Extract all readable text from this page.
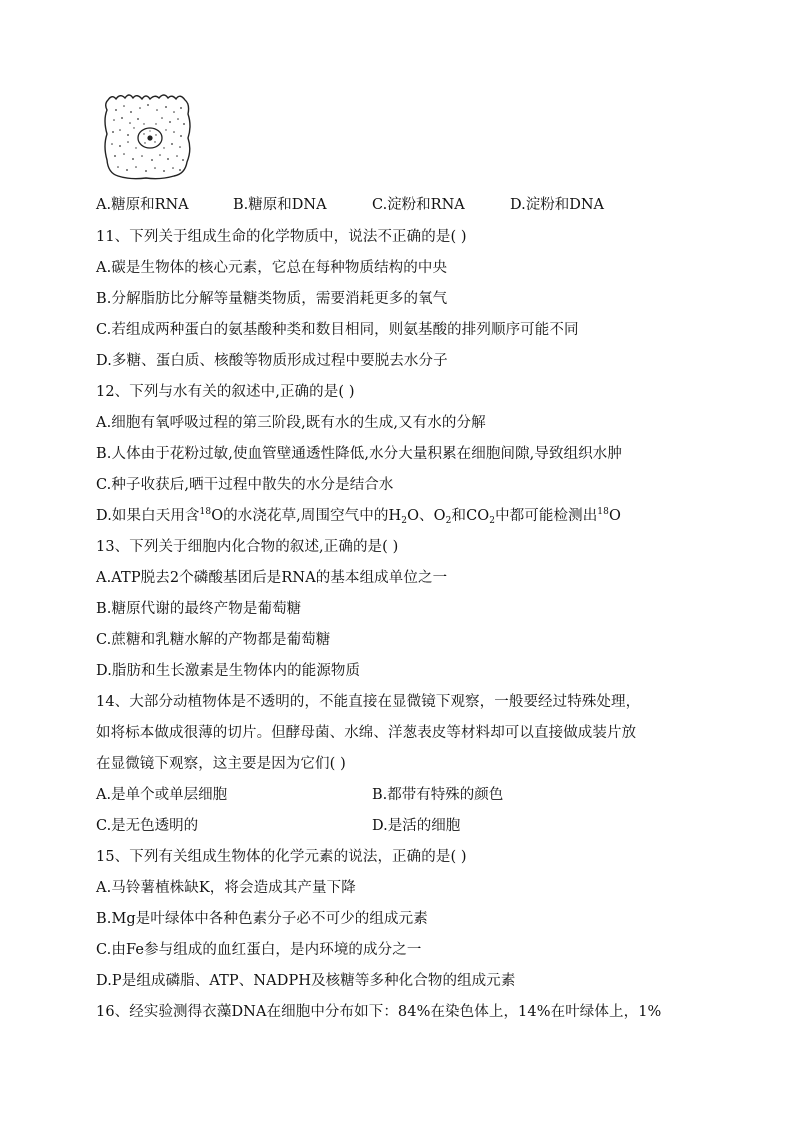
A.糖原和RNA	B.糖原和DNA	C.淀粉和RNA	D.淀粉和DNA
11、下列关于组成生命的化学物质中，说法不正确的是( )
A.碳是生物体的核心元素，它总在每种物质结构的中央
B.分解脂肪比分解等量糖类物质，需要消耗更多的氧气
C.若组成两种蛋白的氨基酸种类和数目相同，则氨基酸的排列顺序可能不同
D.多糖、蛋白质、核酸等物质形成过程中要脱去水分子
12、下列与水有关的叙述中,正确的是( )
A.细胞有氧呼吸过程的第三阶段,既有水的生成,又有水的分解
B.人体由于花粉过敏,使血管壁通透性降低,水分大量积累在细胞间隙,导致组织水肿
C.种子收获后,晒干过程中散失的水分是结合水
D.如果白天用含$^{18}$O的水浇花草,周围空气中的$H_2O$、$O_2$和$CO_2$中都可能检测出$^{18}$O
13、下列关于细胞内化合物的叙述,正确的是( )
A.ATP脱去2个磷酸基团后是RNA的基本组成单位之一
B.糖原代谢的最终产物是葡萄糖
C.蔗糖和乳糖水解的产物都是葡萄糖
D.脂肪和生长激素是生物体内的能源物质
14、大部分动植物体是不透明的，不能直接在显微镜下观察，一般要经过特殊处理，
如将标本做成很薄的切片。但酵母菌、水绵、洋葱表皮等材料却可以直接做成装片放
在显微镜下观察，这主要是因为它们( )
A.是单个或单层细胞	B.都带有特殊的颜色
C.是无色透明的	D.是活的细胞
15、下列有关组成生物体的化学元素的说法，正确的是( )
A.马铃薯植株缺K，将会造成其产量下降
B.Mg是叶绿体中各种色素分子必不可少的组成元素
C.由Fe参与组成的血红蛋白，是内环境的成分之一
D.P是组成磷脂、ATP、NADPH及核糖等多种化合物的组成元素
16、经实验测得衣藻DNA在细胞中分布如下：84%在染色体上，14%在叶绿体上，1%
